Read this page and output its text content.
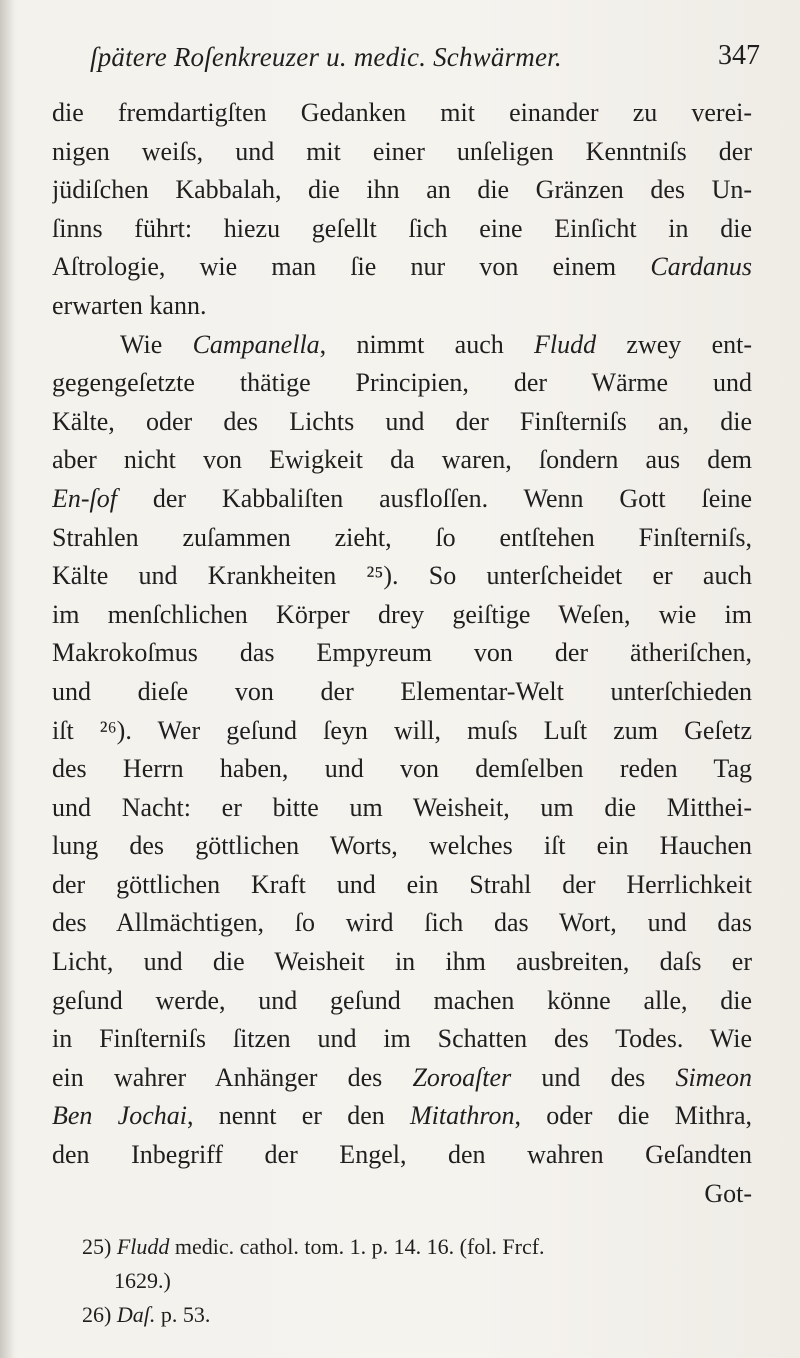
ſpätere Roſenkreuzer u. medic. Schwärmer.	347
die fremdartigſten Gedanken mit einander zu verei-
nigen weiſs, und mit einer unſeligen Kenntniſs der
jüdiſchen Kabbalah, die ihn an die Gränzen des Un-
ſinns führt: hiezu geſellt ſich eine Einſicht in die
Aſtrologie, wie man ſie nur von einem Cardanus
erwarten kann.
Wie Campanella, nimmt auch Fludd zwey ent-
gegengeſetzte thätige Principien, der Wärme und
Kälte, oder des Lichts und der Finſterniſs an, die
aber nicht von Ewigkeit da waren, ſondern aus dem
En-ſof der Kabbaliſten ausfloſſen. Wenn Gott ſeine
Strahlen zuſammen zieht, ſo entſtehen Finſterniſs,
Kälte und Krankheiten ²⁵). So unterſcheidet er auch
im menſchlichen Körper drey geiſtige Weſen, wie im
Makrokoſmus das Empyreum von der ätheriſchen,
und dieſe von der Elementar-Welt unterſchieden
iſt ²⁶). Wer geſund ſeyn will, muſs Luſt zum Geſetz
des Herrn haben, und von demſelben reden Tag
und Nacht: er bitte um Weisheit, um die Mitthei-
lung des göttlichen Worts, welches iſt ein Hauchen
der göttlichen Kraft und ein Strahl der Herrlichkeit
des Allmächtigen, ſo wird ſich das Wort, und das
Licht, und die Weisheit in ihm ausbreiten, daſs er
geſund werde, und geſund machen könne alle, die
in Finſterniſs ſitzen und im Schatten des Todes. Wie
ein wahrer Anhänger des Zoroaſter und des Simeon
Ben Jochai, nennt er den Mitathron, oder die Mithra,
den Inbegriff der Engel, den wahren Geſandten
Got-
25) Fludd medic. cathol. tom. 1. p. 14. 16. (fol. Frcf.
1629.)
26) Daſ. p. 53.
